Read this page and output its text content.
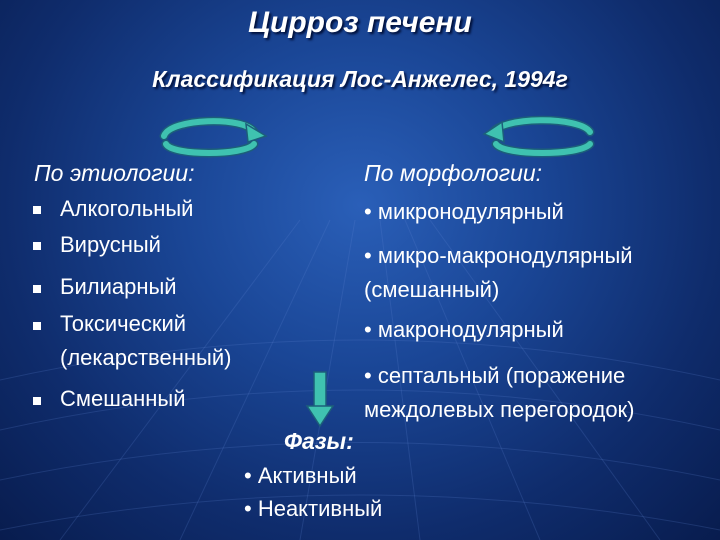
Цирроз печени
Классификация Лос-Анжелес, 1994г
По этиологии:
Алкогольный
Вирусный
Билиарный
Токсический
(лекарственный)
Смешанный
По морфологии:
• микронодулярный
• микро-макронодулярный
(смешанный)
• макронодулярный
• септальный (поражение
междолевых перегородок)
Фазы:
• Активный
• Неактивный
